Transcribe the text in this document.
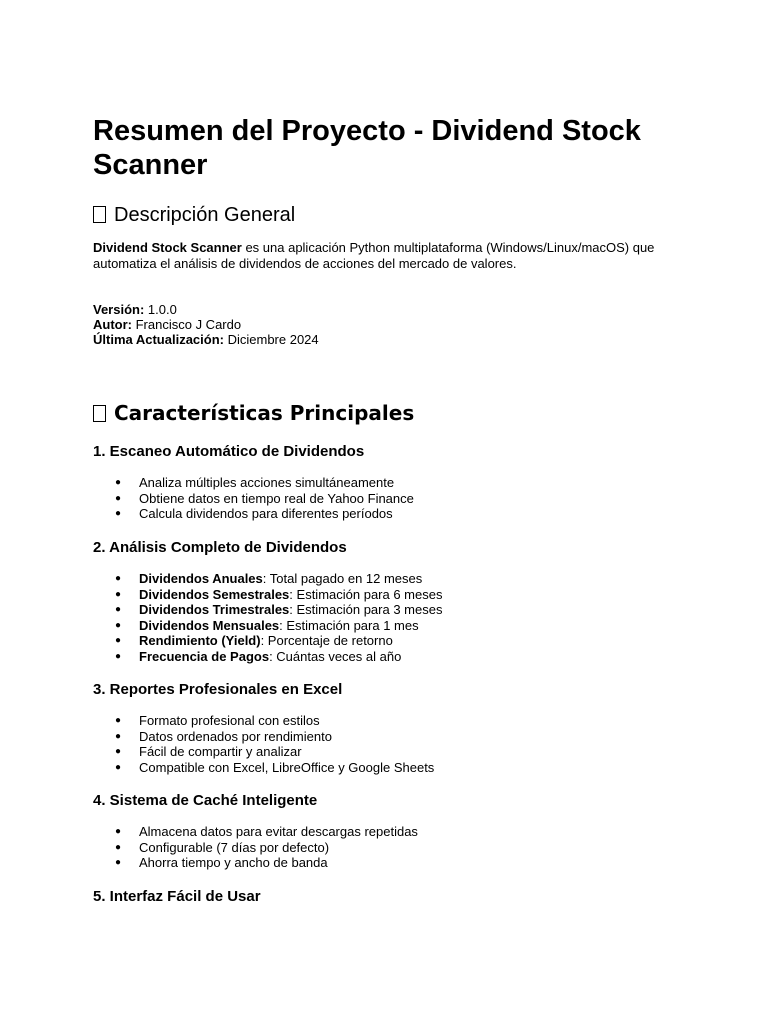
Resumen del Proyecto - Dividend Stock Scanner
Descripción General

Dividend Stock Scanner es una aplicación Python multiplataforma (Windows/Linux/macOS) que automatiza el análisis de dividendos de acciones del mercado de valores.

Versión: 1.0.0

Autor: Francisco J Cardo

Última Actualización: Diciembre 2024

Características Principales
1. Escaneo Automático de Dividendos
● Analiza múltiples acciones simultáneamente
● Obtiene datos en tiempo real de Yahoo Finance
● Calcula dividendos para diferentes períodos
2. Análisis Completo de Dividendos
● Dividendos Anuales: Total pagado en 12 meses
● Dividendos Semestrales: Estimación para 6 meses
● Dividendos Trimestrales: Estimación para 3 meses
● Dividendos Mensuales: Estimación para 1 mes
● Rendimiento (Yield): Porcentaje de retorno
● Frecuencia de Pagos: Cuántas veces al año
3. Reportes Profesionales en Excel
● Formato profesional con estilos
● Datos ordenados por rendimiento
● Fácil de compartir y analizar
● Compatible con Excel, LibreOffice y Google Sheets
4. Sistema de Caché Inteligente
● Almacena datos para evitar descargas repetidas
● Configurable (7 días por defecto)
● Ahorra tiempo y ancho de banda
5. Interfaz Fácil de Usar
